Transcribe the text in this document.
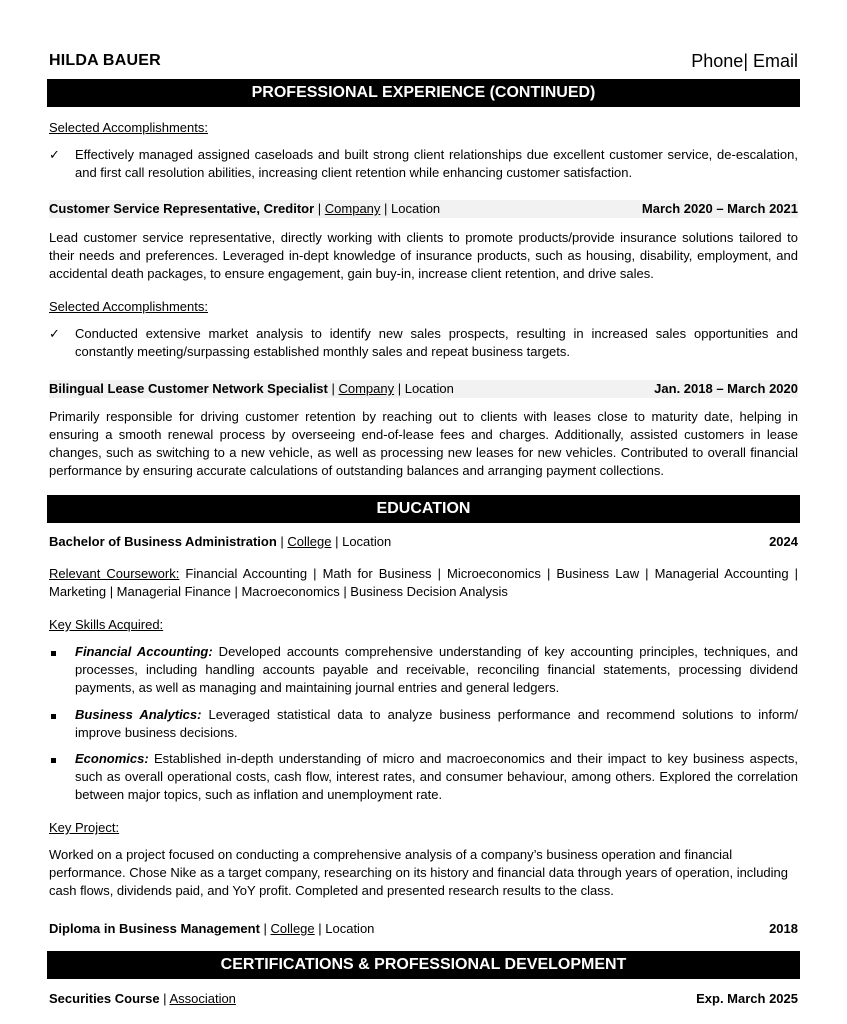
HILDA BAUER	Phone| Email
PROFESSIONAL EXPERIENCE (CONTINUED)
Selected Accomplishments:
✓	Effectively managed assigned caseloads and built strong client relationships due excellent customer service, de-escalation, and first call resolution abilities, increasing client retention while enhancing customer satisfaction.
Customer Service Representative, Creditor | Company | Location	March 2020 – March 2021
Lead customer service representative, directly working with clients to promote products/provide insurance solutions tailored to their needs and preferences. Leveraged in-dept knowledge of insurance products, such as housing, disability, employment, and accidental death packages, to ensure engagement, gain buy-in, increase client retention, and drive sales.
Selected Accomplishments:
✓	Conducted extensive market analysis to identify new sales prospects, resulting in increased sales opportunities and constantly meeting/surpassing established monthly sales and repeat business targets.
Bilingual Lease Customer Network Specialist | Company | Location	Jan. 2018 – March 2020
Primarily responsible for driving customer retention by reaching out to clients with leases close to maturity date, helping in ensuring a smooth renewal process by overseeing end-of-lease fees and charges. Additionally, assisted customers in lease changes, such as switching to a new vehicle, as well as processing new leases for new vehicles. Contributed to overall financial performance by ensuring accurate calculations of outstanding balances and arranging payment collections.
EDUCATION
Bachelor of Business Administration | College | Location	2024
Relevant Coursework: Financial Accounting | Math for Business | Microeconomics | Business Law | Managerial Accounting | Marketing | Managerial Finance | Macroeconomics | Business Decision Analysis
Key Skills Acquired:
Financial Accounting: Developed accounts comprehensive understanding of key accounting principles, techniques, and processes, including handling accounts payable and receivable, reconciling financial statements, processing dividend payments, as well as managing and maintaining journal entries and general ledgers.
Business Analytics: Leveraged statistical data to analyze business performance and recommend solutions to inform/ improve business decisions.
Economics: Established in-depth understanding of micro and macroeconomics and their impact to key business aspects, such as overall operational costs, cash flow, interest rates, and consumer behaviour, among others. Explored the correlation between major topics, such as inflation and unemployment rate.
Key Project:
Worked on a project focused on conducting a comprehensive analysis of a company’s business operation and financial performance. Chose Nike as a target company, researching on its history and financial data through years of operation, including cash flows, dividends paid, and YoY profit. Completed and presented research results to the class.
Diploma in Business Management | College | Location	2018
CERTIFICATIONS & PROFESSIONAL DEVELOPMENT
Securities Course | Association	Exp. March 2025
